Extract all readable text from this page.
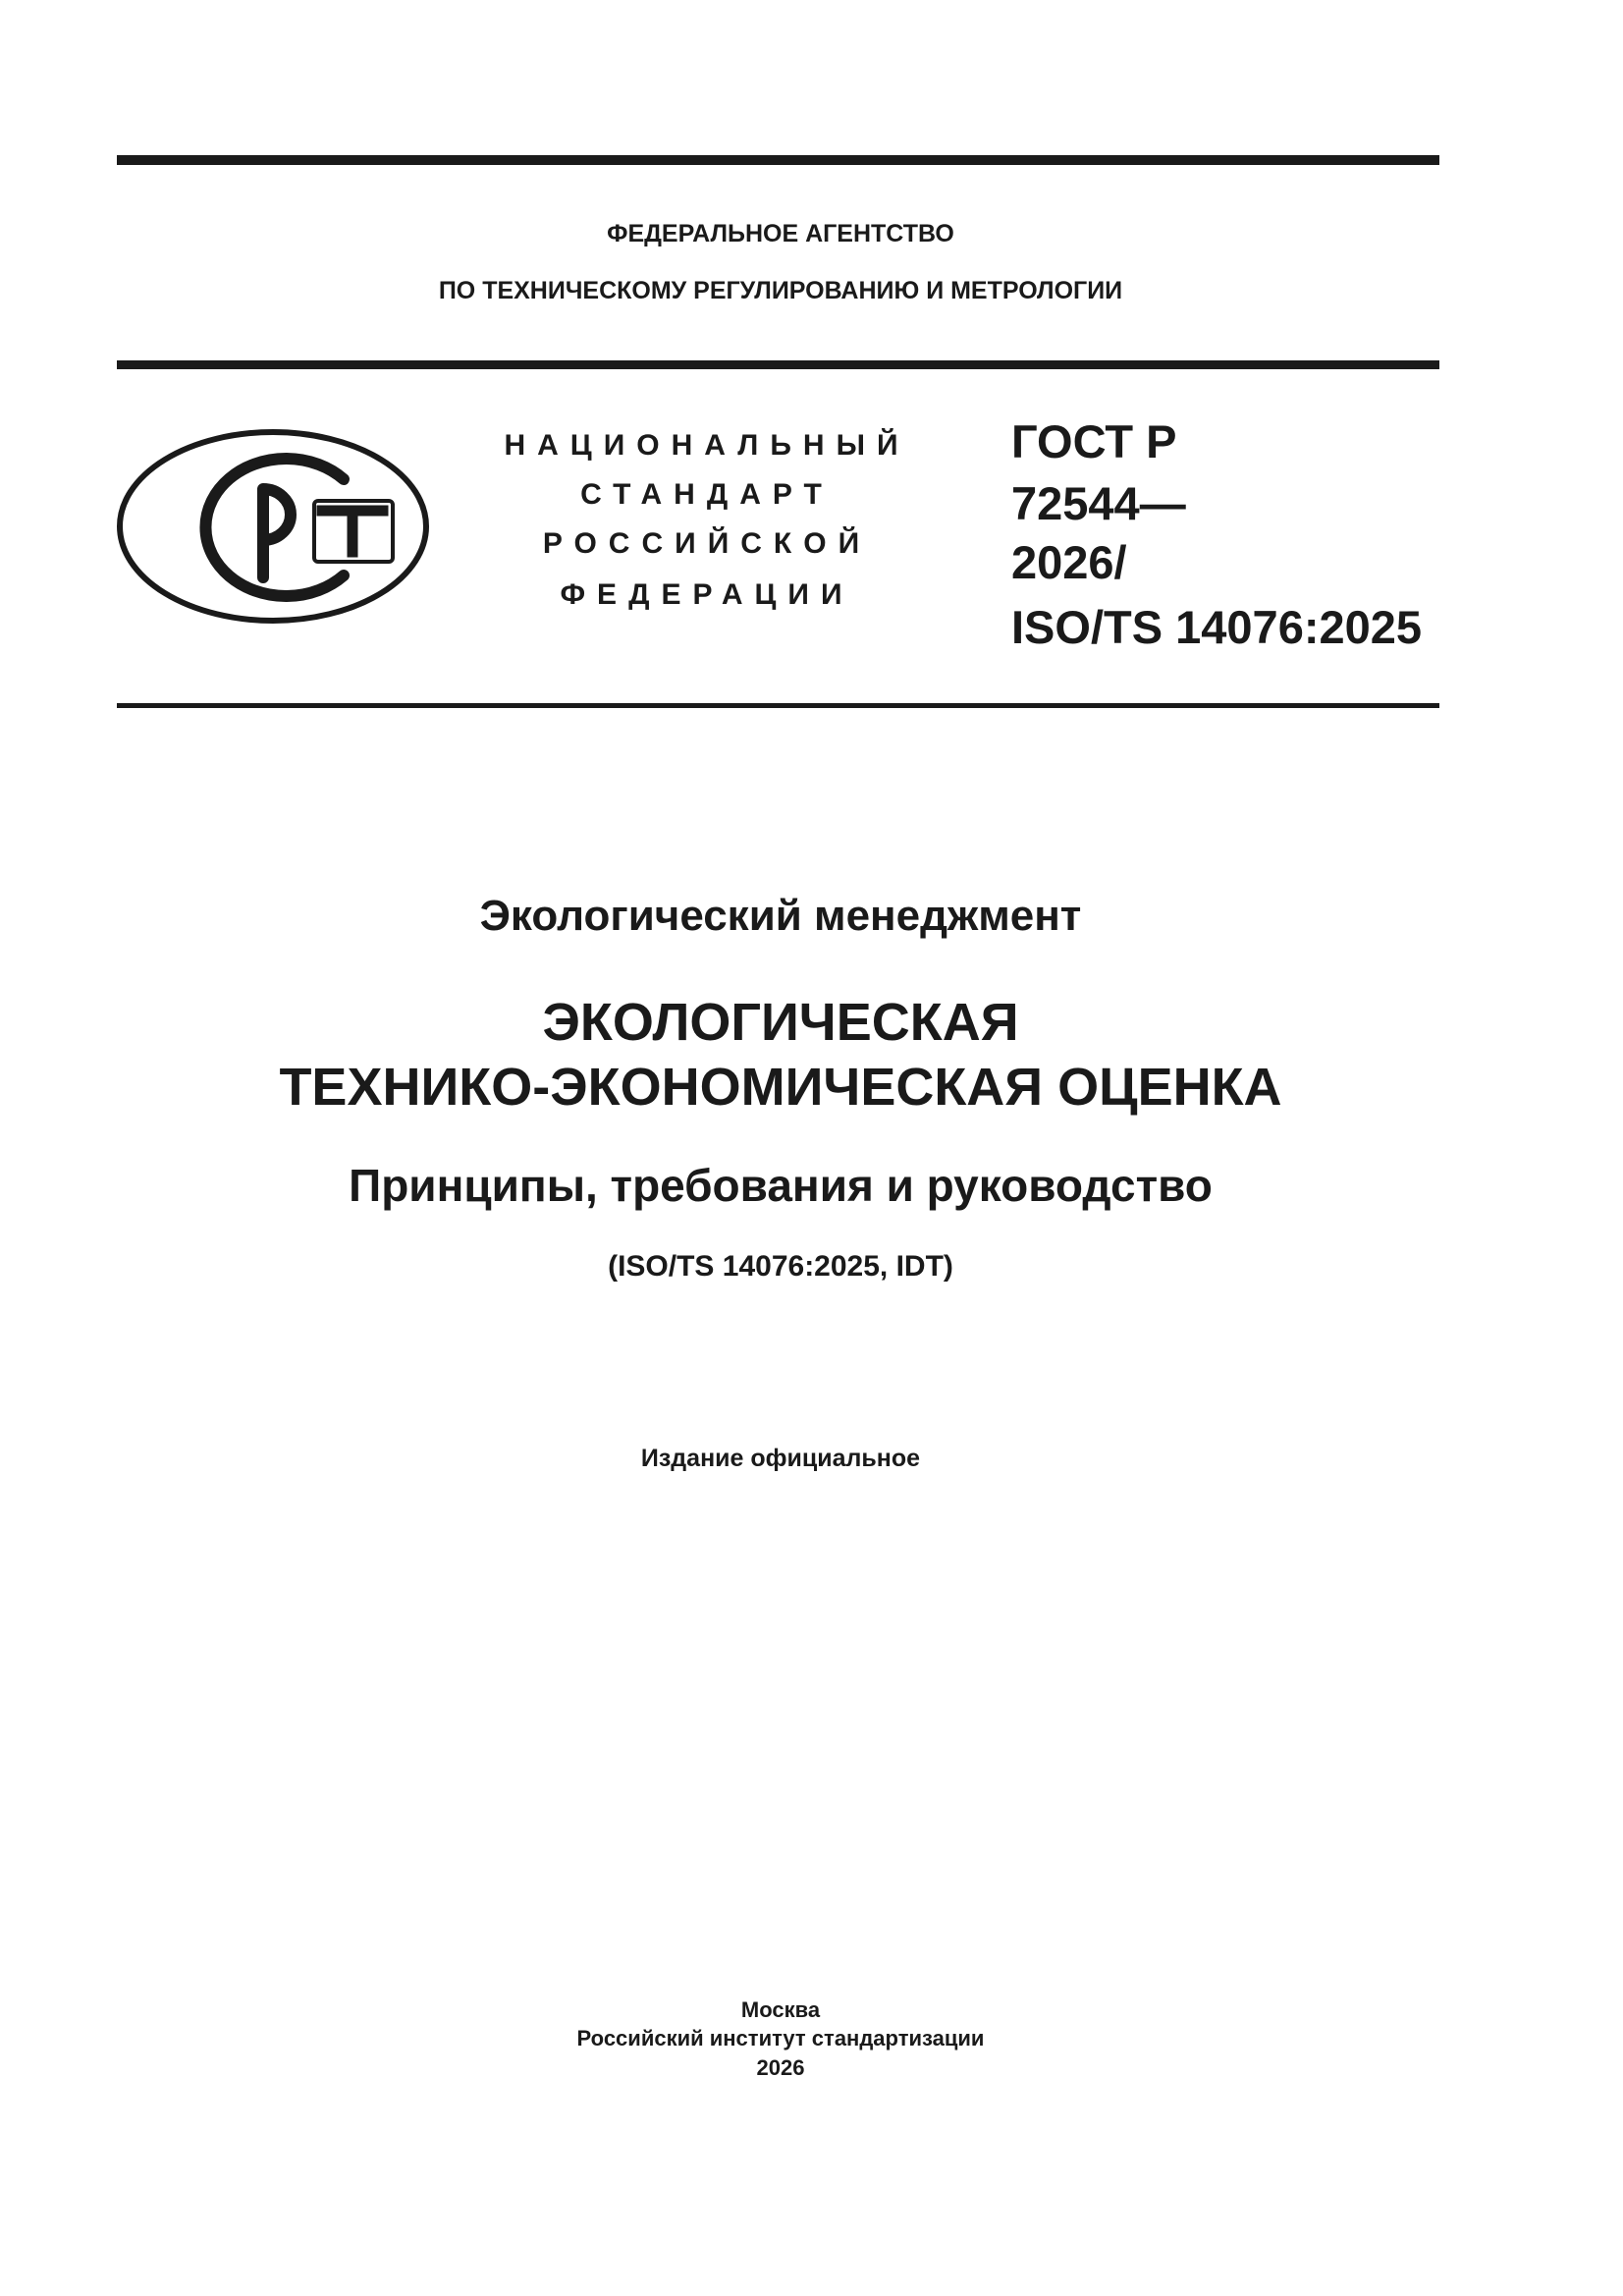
ФЕДЕРАЛЬНОЕ АГЕНТСТВО
ПО ТЕХНИЧЕСКОМУ РЕГУЛИРОВАНИЮ И МЕТРОЛОГИИ
НАЦИОНАЛЬНЫЙ
СТАНДАРТ
РОССИЙСКОЙ
ФЕДЕРАЦИИ
ГОСТ Р
72544—
2026/
ISO/TS 14076:2025
Экологический менеджмент
ЭКОЛОГИЧЕСКАЯ
ТЕХНИКО-ЭКОНОМИЧЕСКАЯ ОЦЕНКА
Принципы, требования и руководство
(ISO/TS 14076:2025, IDT)
Издание официальное
Москва
Российский институт стандартизации
2026
